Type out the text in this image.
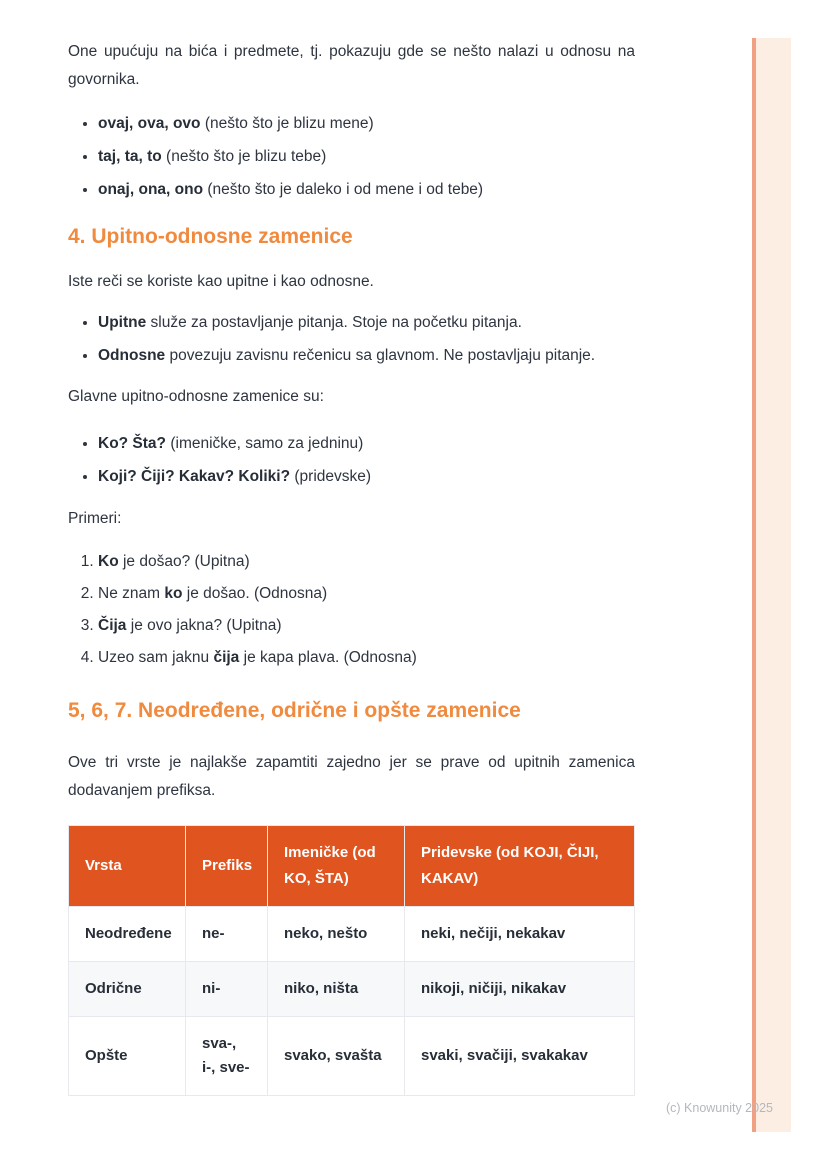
One upućuju na bića i predmete, tj. pokazuju gde se nešto nalazi u odnosu na govornika.

• ovaj, ova, ovo (nešto što je blizu mene)
• taj, ta, to (nešto što je blizu tebe)
• onaj, ona, ono (nešto što je daleko i od mene i od tebe)
4. Upitno-odnosne zamenice

Iste reči se koriste kao upitne i kao odnosne.

• Upitne služe za postavljanje pitanja. Stoje na početku pitanja.
• Odnosne povezuju zavisnu rečenicu sa glavnom. Ne postavljaju pitanje.

Glavne upitno-odnosne zamenice su:

• Ko? Šta? (imeničke, samo za jedninu)
• Koji? Čiji? Kakav? Koliki? (pridevske)

Primeri:

1. Ko je došao? (Upitna)
2. Ne znam ko je došao. (Odnosna)
3. Čija je ovo jakna? (Upitna)
4. Uzeo sam jaknu čija je kapa plava. (Odnosna)
5, 6, 7. Neodređene, odrične i opšte zamenice

Ove tri vrste je najlakše zapamtiti zajedno jer se prave od upitnih zamenica dodavanjem prefiksa.

Vrsta	Prefiks	Imeničke (od KO, ŠTA)	Pridevske (od KOJI, ČIJI, KAKAV)
Neodređene	ne-	neko, nešto	neki, nečiji, nekakav
Odrične	ni-	niko, ništa	nikoji, ničiji, nikakav
Opšte	sva-, i-, sve-	svako, svašta	svaki, svačiji, svakakav
(c) Knowunity 2025
